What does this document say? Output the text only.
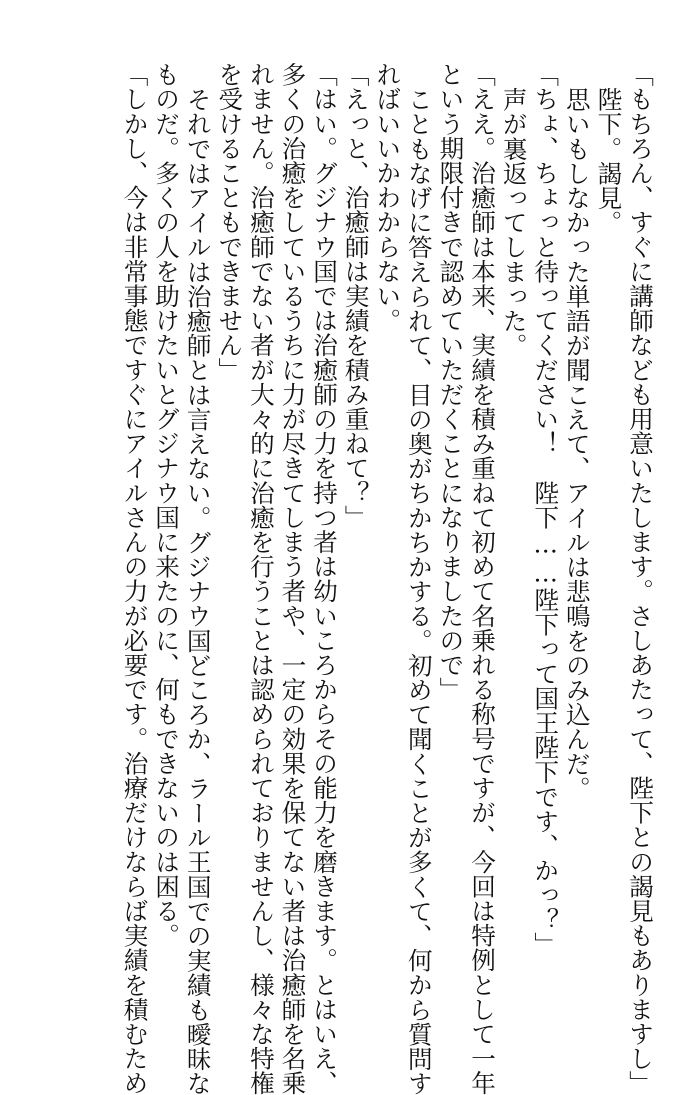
「もちろん、すぐに講師なども用意いたします。さしあたって、陛下との謁見もありますし」
陛下。謁見。
思いもしなかった単語が聞こえて、アイルは悲鳴をのみ込んだ。
「ちょ、ちょっと待ってください！　陛下……陛下って国王陛下です、かっ？」
声が裏返ってしまった。
「ええ。治癒師は本来、実績を積み重ねて初めて名乗れる称号ですが、今回は特例として一年
という期限付きで認めていただくことになりましたので」
こともなげに答えられて、目の奥がちかちかする。初めて聞くことが多くて、何から質問す
ればいいかわからない。
「えっと、治癒師は実績を積み重ねて？」
「はい。グジナウ国では治癒師の力を持つ者は幼いころからその能力を磨きます。とはいえ、
多くの治癒をしているうちに力が尽きてしまう者や、一定の効果を保てない者は治癒師を名乗
れません。治癒師でない者が大々的に治癒を行うことは認められておりませんし、様々な特権
を受けることもできません」
それではアイルは治癒師とは言えない。グジナウ国どころか、ラール王国での実績も曖昧な
ものだ。多くの人を助けたいとグジナウ国に来たのに、何もできないのは困る。
「しかし、今は非常事態ですぐにアイルさんの力が必要です。治療だけならば実績を積むため
